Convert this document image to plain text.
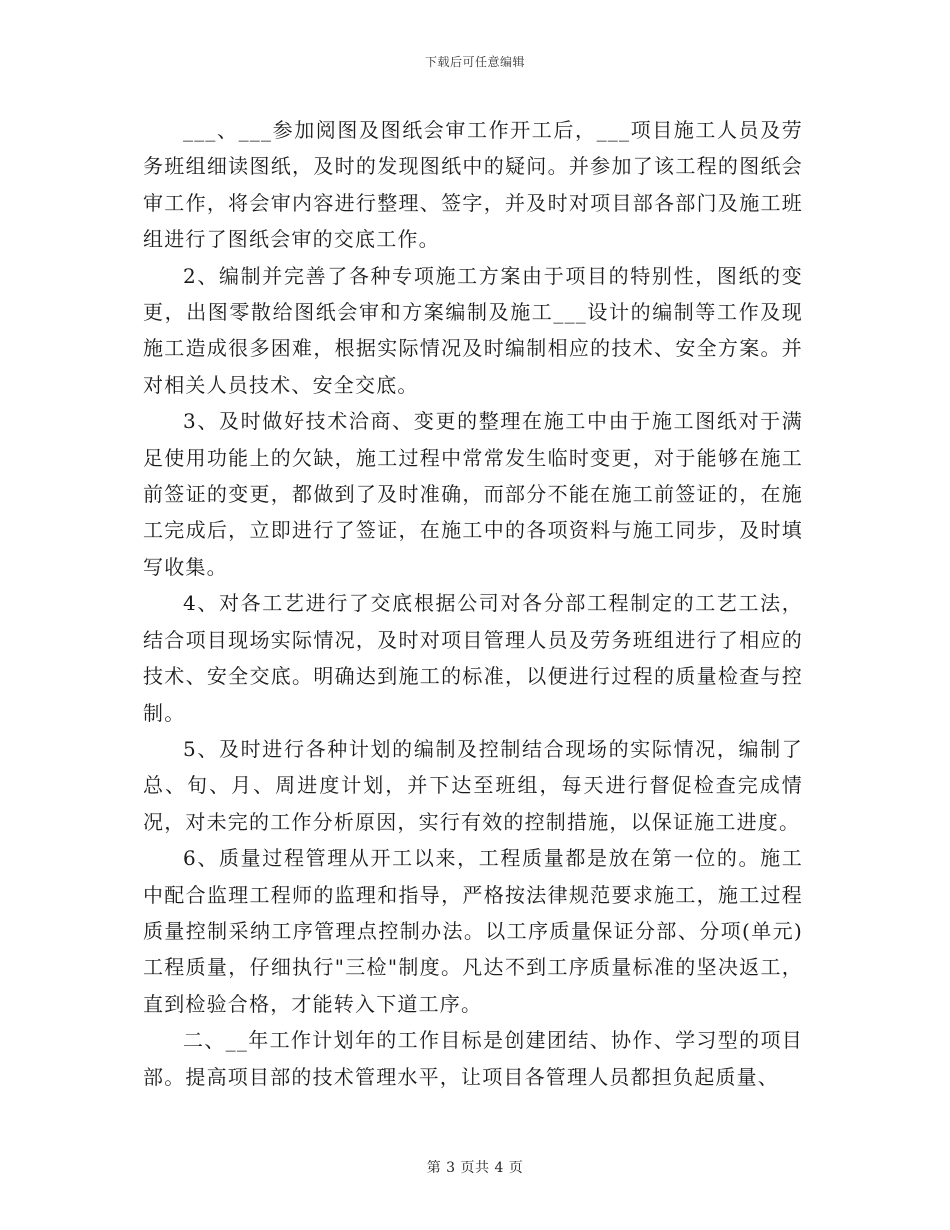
下载后可任意编辑

___、___参加阅图及图纸会审工作开工后，___项目施工人员及劳务班组细读图纸，及时的发现图纸中的疑问。并参加了该工程的图纸会审工作，将会审内容进行整理、签字，并及时对项目部各部门及施工班组进行了图纸会审的交底工作。

2、编制并完善了各种专项施工方案由于项目的特别性，图纸的变更，出图零散给图纸会审和方案编制及施工___设计的编制等工作及现施工造成很多困难，根据实际情况及时编制相应的技术、安全方案。并对相关人员技术、安全交底。

3、及时做好技术洽商、变更的整理在施工中由于施工图纸对于满足使用功能上的欠缺，施工过程中常常发生临时变更，对于能够在施工前签证的变更，都做到了及时准确，而部分不能在施工前签证的，在施工完成后，立即进行了签证，在施工中的各项资料与施工同步，及时填写收集。

4、对各工艺进行了交底根据公司对各分部工程制定的工艺工法，结合项目现场实际情况，及时对项目管理人员及劳务班组进行了相应的技术、安全交底。明确达到施工的标准，以便进行过程的质量检查与控制。

5、及时进行各种计划的编制及控制结合现场的实际情况，编制了总、旬、月、周进度计划，并下达至班组，每天进行督促检查完成情况，对未完的工作分析原因，实行有效的控制措施，以保证施工进度。

6、质量过程管理从开工以来，工程质量都是放在第一位的。施工中配合监理工程师的监理和指导，严格按法律规范要求施工，施工过程质量控制采纳工序管理点控制办法。以工序质量保证分部、分项(单元)工程质量，仔细执行"三检"制度。凡达不到工序质量标准的坚决返工，直到检验合格，才能转入下道工序。

二、__年工作计划年的工作目标是创建团结、协作、学习型的项目部。提高项目部的技术管理水平，让项目各管理人员都担负起质量、

第 3 页共 4 页
